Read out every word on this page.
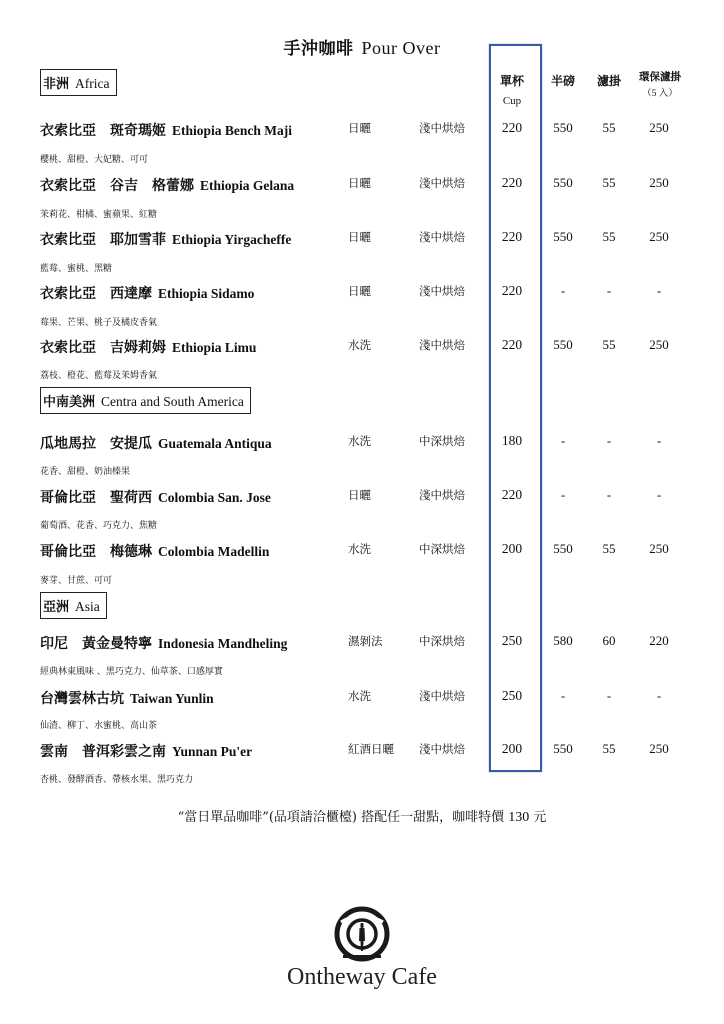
手沖咖啡 Pour Over
單杯
Cup
半磅	濾掛	環保濾掛
（5 入）
非洲 Africa
中南美洲 Centra and South America
亞洲 Asia
衣索比亞　斑奇瑪姬 Ethiopia Bench Maji	日曬	淺中烘焙	220	550	55	250
櫻桃、甜橙、大妃糖、可可
衣索比亞　谷吉　格蕾娜 Ethiopia Gelana	日曬	淺中烘焙	220	550	55	250
茉莉花、柑橘、蜜蘋果、紅糖
衣索比亞　耶加雪菲 Ethiopia Yirgacheffe	日曬	淺中烘焙	220	550	55	250
藍莓、蜜桃、黑糖
衣索比亞　西達摩 Ethiopia Sidamo	日曬	淺中烘焙	220	-	-	-
莓果、芒果、桃子及橘皮香氣
衣索比亞　吉姆莉姆 Ethiopia Limu	水洗	淺中烘焙	220	550	55	250
荔枝、橙花、藍莓及茉姆香氣
瓜地馬拉　安提瓜 Guatemala Antiqua	水洗	中深烘焙	180	-	-	-
花香、甜橙、奶油榛果
哥倫比亞　聖荷西 Colombia San. Jose	日曬	淺中烘焙	220	-	-	-
葡萄酒、花香、巧克力、焦糖
哥倫比亞　梅德琳 Colombia Madellin	水洗	中深烘焙	200	550	55	250
麥芽、甘蔗、可可
印尼　黃金曼特寧 Indonesia Mandheling	濕剝法	中深烘焙	250	580	60	220
經典林東風味 、黑巧克力、仙草茶、口感厚實
台灣雲林古坑 Taiwan Yunlin	水洗	淺中烘焙	250	-	-	-
仙渣、柳丁、水蜜桃、高山茶
雲南　普洱彩雲之南 Yunnan Pu'er	紅酒日曬 淺中烘焙	200	550	55	250
杏桃、發酵酒香、帶核水果、黑巧克力
“當日單品咖啡”(品項請洽櫃檯) 搭配任一甜點，咖啡特價 130 元
Ontheway Cafe
